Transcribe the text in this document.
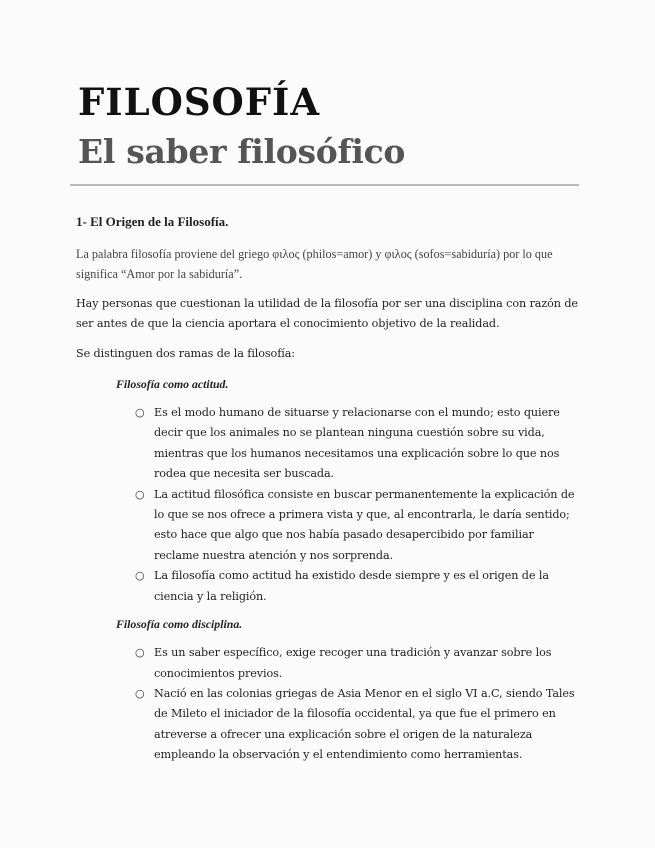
FILOSOFÍA
El saber filosófico
1- El Origen de la Filosofía.

La palabra filosofía proviene del griego φιλος (philos=amor) y φιλος (sofos=sabiduría) por lo que significa “Amor por la sabiduría”.

Hay personas que cuestionan la utilidad de la filosofía por ser una disciplina con razón de ser antes de que la ciencia aportara el conocimiento objetivo de la realidad.

Se distinguen dos ramas de la filosofía:

Filosofía como actitud.
○ Es el modo humano de situarse y relacionarse con el mundo; esto quiere decir que los animales no se plantean ninguna cuestión sobre su vida, mientras que los humanos necesitamos una explicación sobre lo que nos rodea que necesita ser buscada.
○ La actitud filosófica consiste en buscar permanentemente la explicación de lo que se nos ofrece a primera vista y que, al encontrarla, le daría sentido; esto hace que algo que nos había pasado desapercibido por familiar reclame nuestra atención y nos sorprenda.
○ La filosofía como actitud ha existido desde siempre y es el origen de la ciencia y la religión.
Filosofía como disciplina.
○ Es un saber específico, exige recoger una tradición y avanzar sobre los conocimientos previos.
○ Nació en las colonias griegas de Asia Menor en el siglo VI a.C, siendo Tales de Mileto el iniciador de la filosofía occidental, ya que fue el primero en atreverse a ofrecer una explicación sobre el origen de la naturaleza empleando la observación y el entendimiento como herramientas.
